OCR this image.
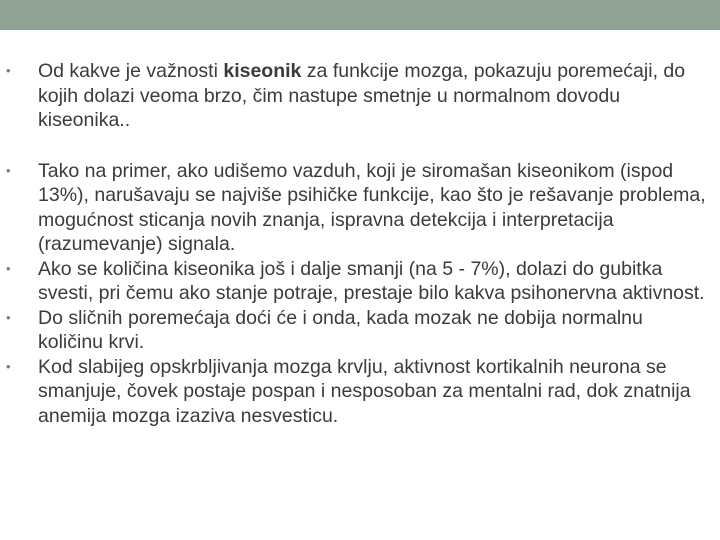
• Od kakve je važnosti kiseonik za funkcije mozga, pokazuju poremećaji, do kojih dolazi veoma brzo, čim nastupe smetnje u normalnom dovodu kiseonika..
• Tako na primer, ako udišemo vazduh, koji je siromašan kiseonikom (ispod 13%), narušavaju se najviše psihičke funkcije, kao što je rešavanje problema, mogućnost sticanja novih znanja, ispravna detekcija i interpretacija (razumevanje) signala.
• Ako se količina kiseonika još i dalje smanji (na 5 - 7%), dolazi do gubitka svesti, pri čemu ako stanje potraje, prestaje bilo kakva psihonervna aktivnost.
• Do sličnih poremećaja doći će i onda, kada mozak ne dobija normalnu količinu krvi.
• Kod slabijeg opskrbljivanja mozga krvlju, aktivnost kortikalnih neurona se smanjuje, čovek postaje pospan i nesposoban za mentalni rad, dok znatnija anemija mozga izaziva nesvesticu.
